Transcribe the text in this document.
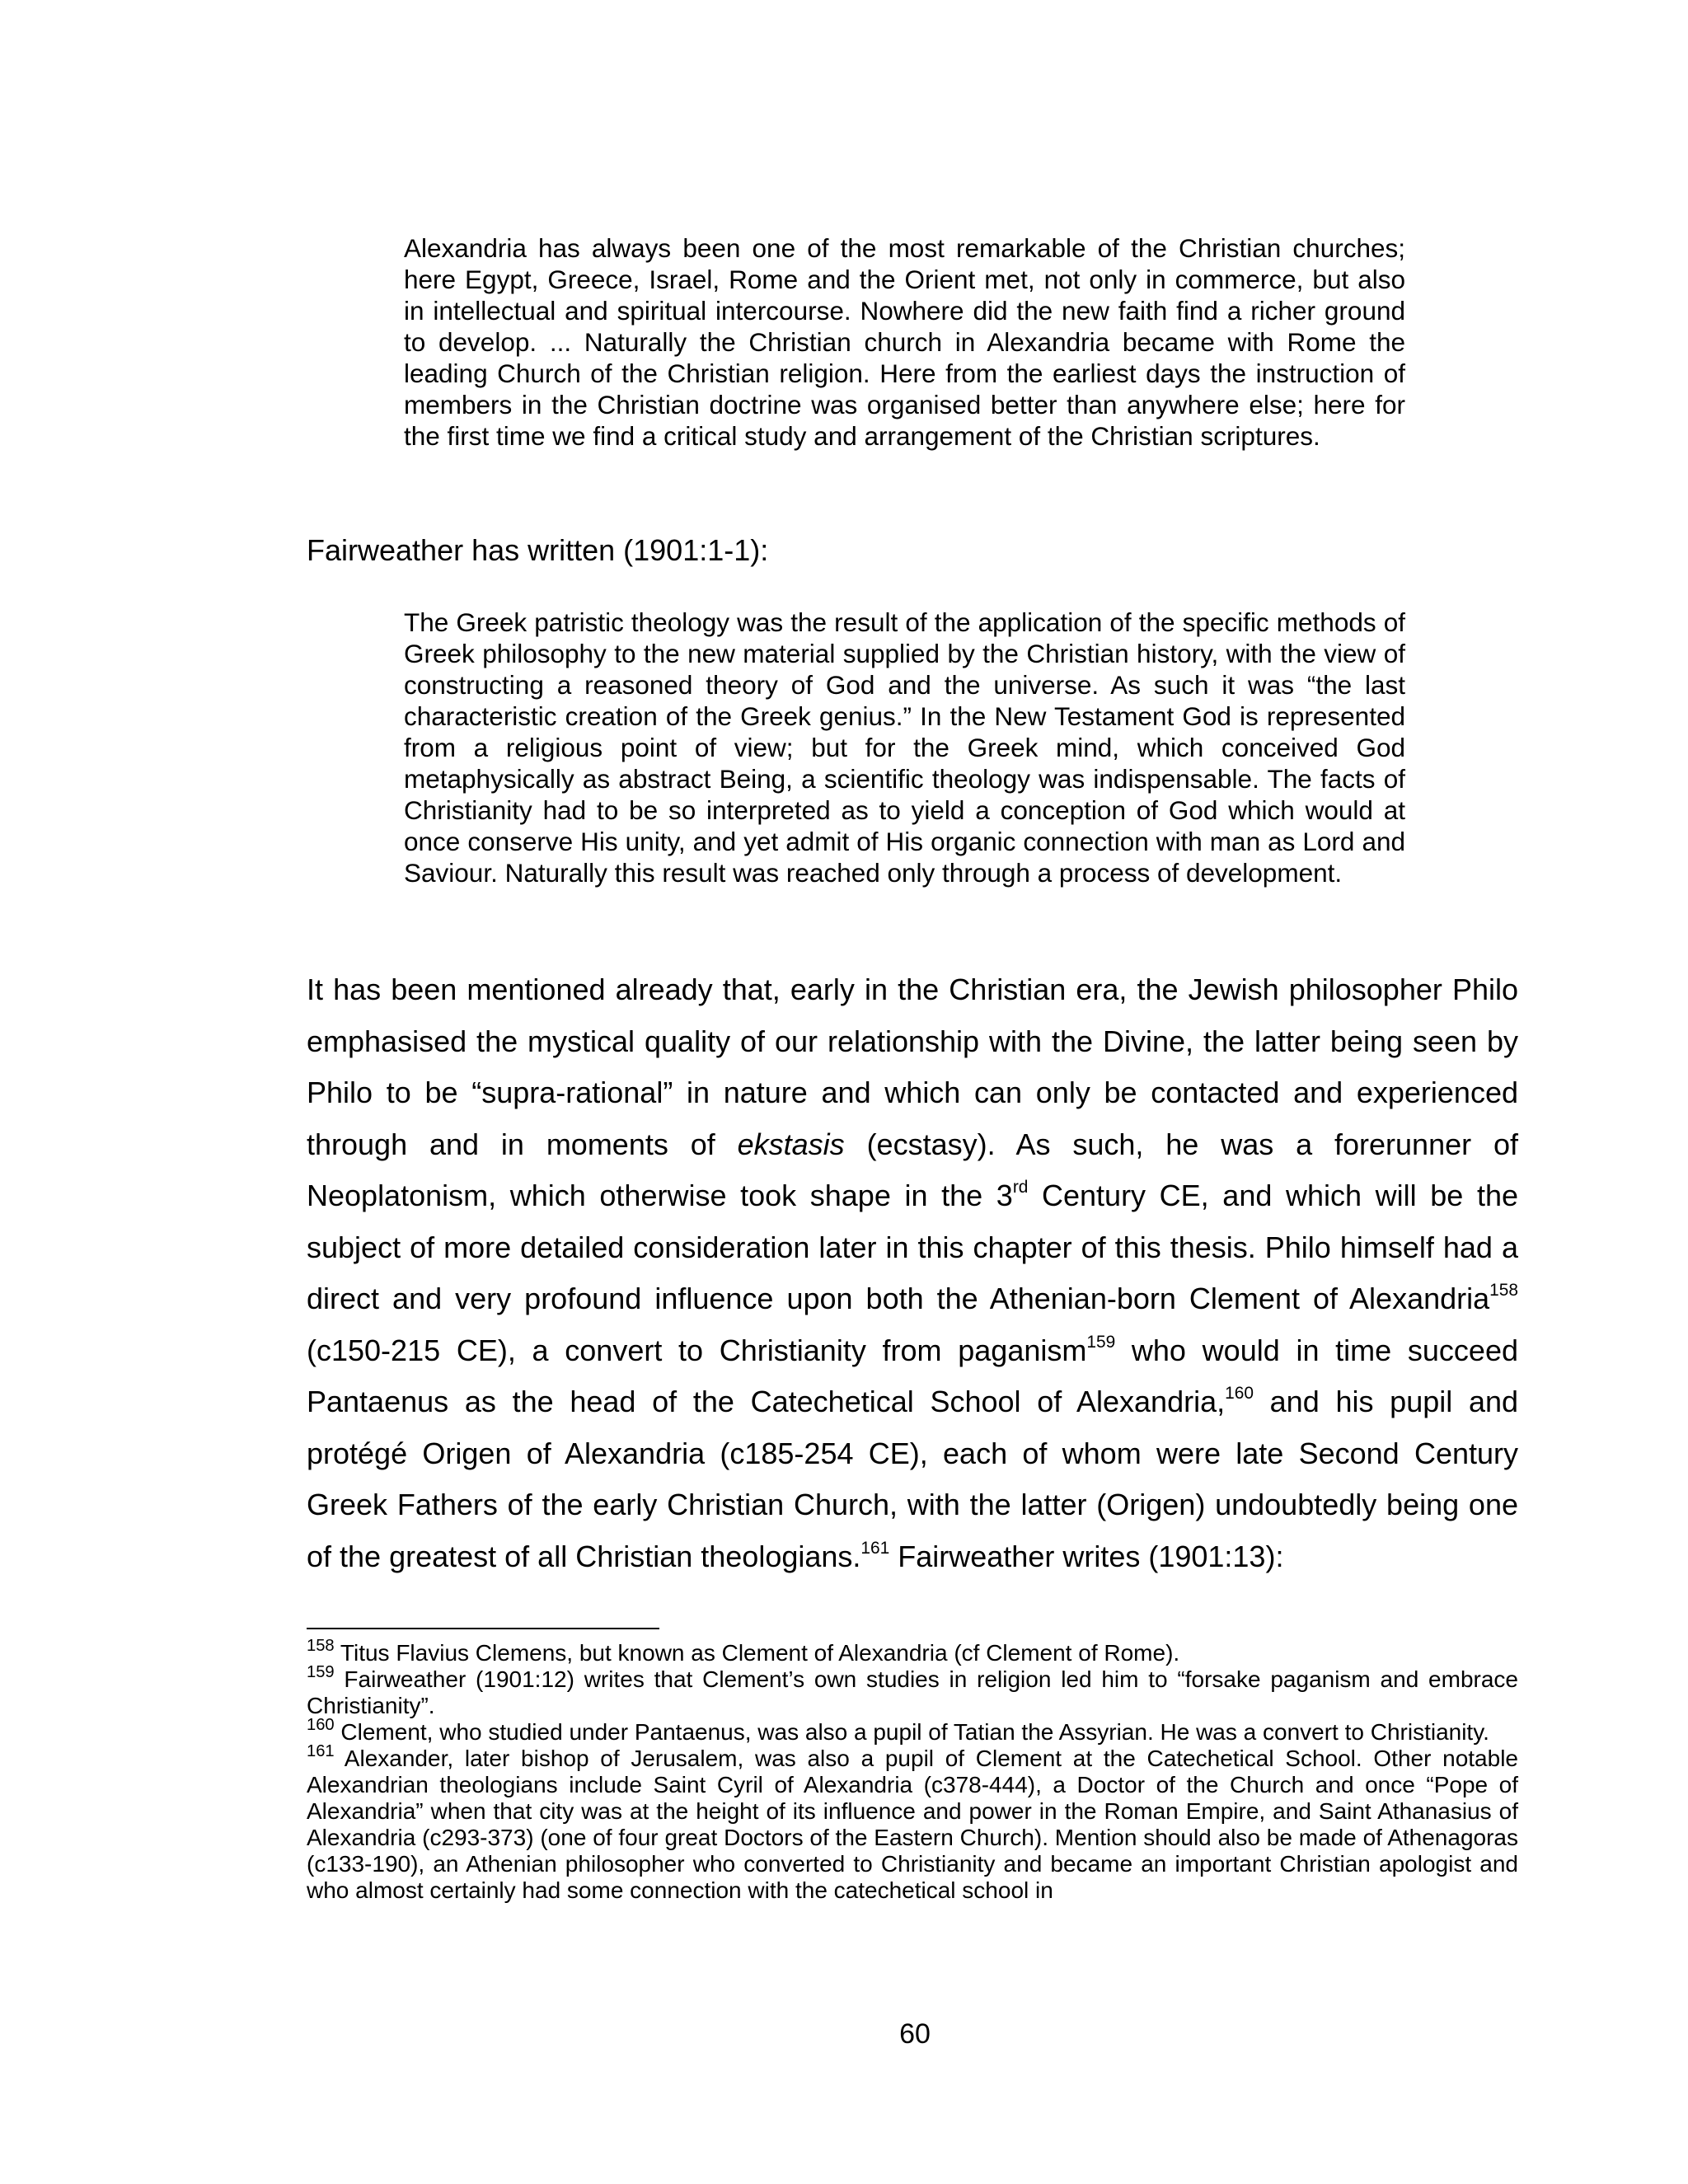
Alexandria has always been one of the most remarkable of the Christian churches; here Egypt, Greece, Israel, Rome and the Orient met, not only in commerce, but also in intellectual and spiritual intercourse. Nowhere did the new faith find a richer ground to develop. ... Naturally the Christian church in Alexandria became with Rome the leading Church of the Christian religion. Here from the earliest days the instruction of members in the Christian doctrine was organised better than anywhere else; here for the first time we find a critical study and arrangement of the Christian scriptures.

Fairweather has written (1901:1-1):

The Greek patristic theology was the result of the application of the specific methods of Greek philosophy to the new material supplied by the Christian history, with the view of constructing a reasoned theory of God and the universe. As such it was “the last characteristic creation of the Greek genius.” In the New Testament God is represented from a religious point of view; but for the Greek mind, which conceived God metaphysically as abstract Being, a scientific theology was indispensable. The facts of Christianity had to be so interpreted as to yield a conception of God which would at once conserve His unity, and yet admit of His organic connection with man as Lord and Saviour. Naturally this result was reached only through a process of development.

It has been mentioned already that, early in the Christian era, the Jewish philosopher Philo emphasised the mystical quality of our relationship with the Divine, the latter being seen by Philo to be “supra-rational” in nature and which can only be contacted and experienced through and in moments of ekstasis (ecstasy). As such, he was a forerunner of Neoplatonism, which otherwise took shape in the 3rd Century CE, and which will be the subject of more detailed consideration later in this chapter of this thesis. Philo himself had a direct and very profound influence upon both the Athenian-born Clement of Alexandria$^{158}$ (c150-215 CE), a convert to Christianity from paganism$^{159}$ who would in time succeed Pantaenus as the head of the Catechetical School of Alexandria,$^{160}$ and his pupil and protégé Origen of Alexandria (c185-254 CE), each of whom were late Second Century Greek Fathers of the early Christian Church, with the latter (Origen) undoubtedly being one of the greatest of all Christian theologians.$^{161}$ Fairweather writes (1901:13):

$^{158}$ Titus Flavius Clemens, but known as Clement of Alexandria (cf Clement of Rome).

$^{159}$ Fairweather (1901:12) writes that Clement’s own studies in religion led him to “forsake paganism and embrace Christianity”.

$^{160}$ Clement, who studied under Pantaenus, was also a pupil of Tatian the Assyrian. He was a convert to Christianity.

$^{161}$ Alexander, later bishop of Jerusalem, was also a pupil of Clement at the Catechetical School. Other notable Alexandrian theologians include Saint Cyril of Alexandria (c378-444), a Doctor of the Church and once “Pope of Alexandria” when that city was at the height of its influence and power in the Roman Empire, and Saint Athanasius of Alexandria (c293-373) (one of four great Doctors of the Eastern Church). Mention should also be made of Athenagoras (c133-190), an Athenian philosopher who converted to Christianity and became an important Christian apologist and who almost certainly had some connection with the catechetical school in

60
